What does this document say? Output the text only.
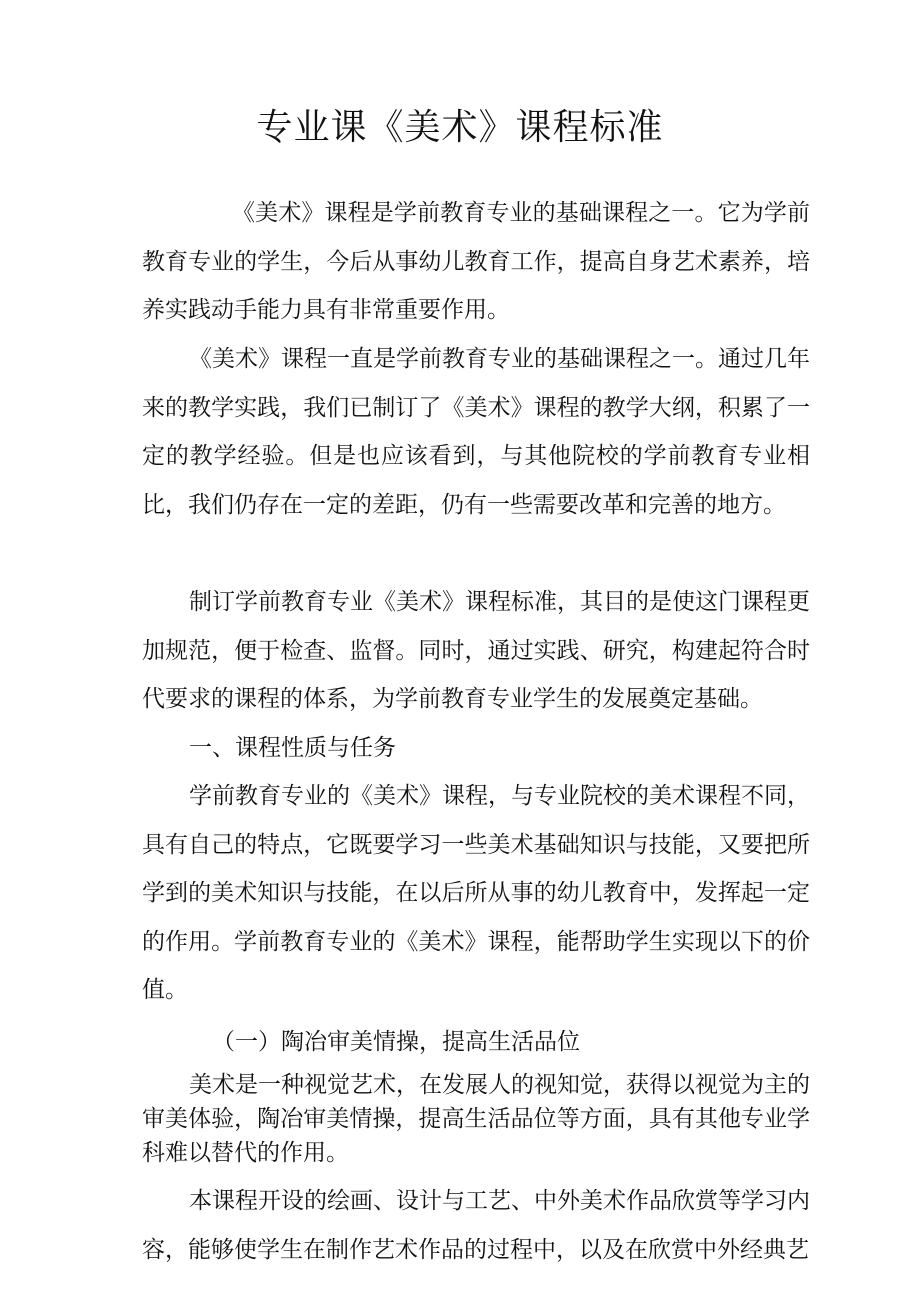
专业课《美术》课程标准

《美术》课程是学前教育专业的基础课程之一。它为学前教育专业的学生，今后从事幼儿教育工作，提高自身艺术素养，培养实践动手能力具有非常重要作用。

《美术》课程一直是学前教育专业的基础课程之一。通过几年来的教学实践，我们已制订了《美术》课程的教学大纲，积累了一定的教学经验。但是也应该看到，与其他院校的学前教育专业相比，我们仍存在一定的差距，仍有一些需要改革和完善的地方。

制订学前教育专业《美术》课程标准，其目的是使这门课程更加规范，便于检查、监督。同时，通过实践、研究，构建起符合时代要求的课程的体系，为学前教育专业学生的发展奠定基础。

一、课程性质与任务

学前教育专业的《美术》课程，与专业院校的美术课程不同，具有自己的特点，它既要学习一些美术基础知识与技能，又要把所学到的美术知识与技能，在以后所从事的幼儿教育中，发挥起一定的作用。学前教育专业的《美术》课程，能帮助学生实现以下的价值。

（一）陶冶审美情操，提高生活品位

美术是一种视觉艺术，在发展人的视知觉，获得以视觉为主的审美体验，陶冶审美情操，提高生活品位等方面，具有其他专业学科难以替代的作用。

本课程开设的绘画、设计与工艺、中外美术作品欣赏等学习内容，能够使学生在制作艺术作品的过程中，以及在欣赏中外经典艺
